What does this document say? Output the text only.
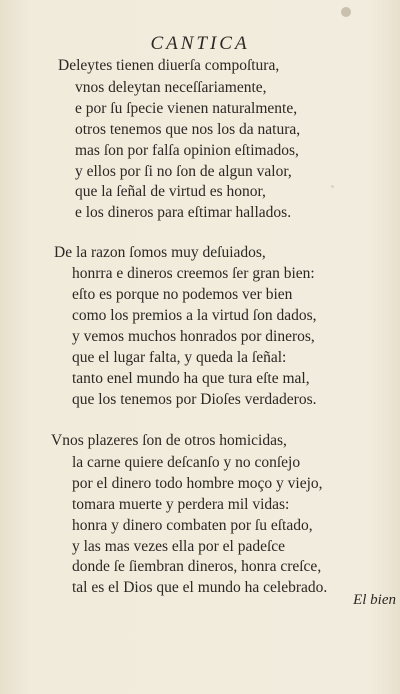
CANTICA
Deleytes tienen diuerſa compoſtura,
vnos deleytan neceſſariamente,
e por ſu ſpecie vienen naturalmente,
otros tenemos que nos los da natura,
mas ſon por falſa opinion eſtimados,
y ellos por ſi no ſon de algun valor,
que la ſeñal de virtud es honor,
e los dineros para eſtimar hallados.
De la razon ſomos muy deſuiados,
honrra e dineros creemos ſer gran bien:
eſto es porque no podemos ver bien
como los premios a la virtud ſon dados,
y vemos muchos honrados por dineros,
que el lugar falta, y queda la ſeñal:
tanto enel mundo ha que tura eſte mal,
que los tenemos por Dioſes verdaderos.
Vnos plazeres ſon de otros homicidas,
la carne quiere deſcanſo y no conſejo
por el dinero todo hombre moço y viejo,
tomara muerte y perdera mil vidas:
honra y dinero combaten por ſu eſtado,
y las mas vezes ella por el padeſce
donde ſe ſiembran dineros, honra creſce,
tal es el Dios que el mundo ha celebrado.
El bien
